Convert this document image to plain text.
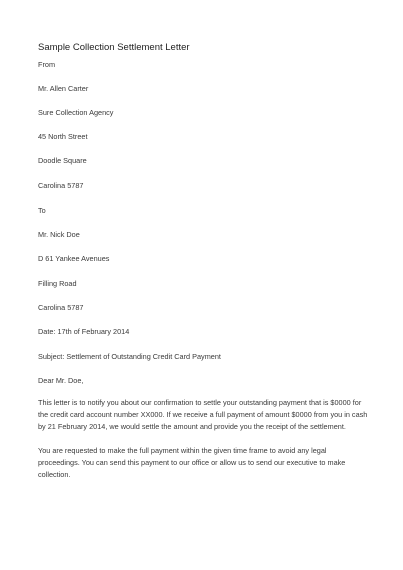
Sample Collection Settlement Letter
From
Mr. Allen Carter
Sure Collection Agency
45 North Street
Doodle Square
Carolina 5787
To
Mr. Nick Doe
D 61 Yankee Avenues
Filling Road
Carolina 5787
Date: 17th of February 2014
Subject: Settlement of Outstanding Credit Card Payment
Dear Mr. Doe,
This letter is to notify you about our confirmation to settle your outstanding payment that is $0000 for the credit card account number XX000. If we receive a full payment of amount $0000 from you in cash by 21 February 2014, we would settle the amount and provide you the receipt of the settlement.
You are requested to make the full payment within the given time frame to avoid any legal proceedings. You can send this payment to our office or allow us to send our executive to make collection.
